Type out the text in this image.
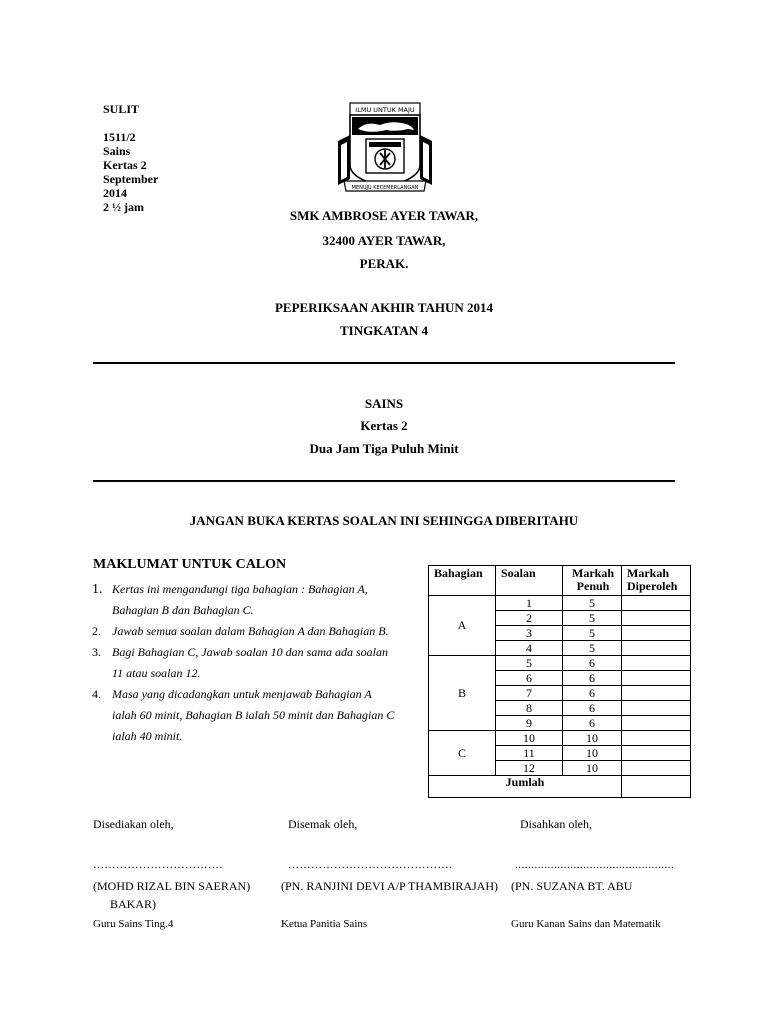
SULIT
1511/2
Sains
Kertas 2
September
2014
2 ½ jam
ILMU UNTUK MAJU
MENUJU KECEMERLANGAN
SMK AMBROSE AYER TAWAR,
32400 AYER TAWAR,
PERAK.
PEPERIKSAAN AKHIR TAHUN 2014
TINGKATAN 4
SAINS
Kertas 2
Dua Jam Tiga Puluh Minit
JANGAN BUKA KERTAS SOALAN INI SEHINGGA DIBERITAHU
MAKLUMAT UNTUK CALON
1. Kertas ini mengandungi tiga bahagian : Bahagian A,
Bahagian B dan Bahagian C.
2. Jawab semua soalan dalam Bahagian A dan Bahagian B.
3. Bagi Bahagian C, Jawab soalan 10 dan sama ada soalan
11 atau soalan 12.
4. Masa yang dicadangkan untuk menjawab Bahagian A
ialah 60 minit, Bahagian B ialah 50 minit dan Bahagian C
ialah 40 minit.
Bahagian	Soalan	Markah Penuh	Markah Diperoleh
A	1	5	
	2	5	
	3	5	
	4	5	
B	5	6	
	6	6	
	7	6	
	8	6	
	9	6	
C	10	10	
	11	10	
	12	10	
Jumlah			
Disediakan oleh,	Disemak oleh,	Disahkan oleh,
…………………………….	…………………………………….	.................................................
(MOHD RIZAL BIN SAERAN)	(PN. RANJINI DEVI A/P THAMBIRAJAH) (PN. SUZANA BT. ABU
BAKAR)
Guru Sains Ting.4	Ketua Panitia Sains	Guru Kanan Sains dan Matematik
